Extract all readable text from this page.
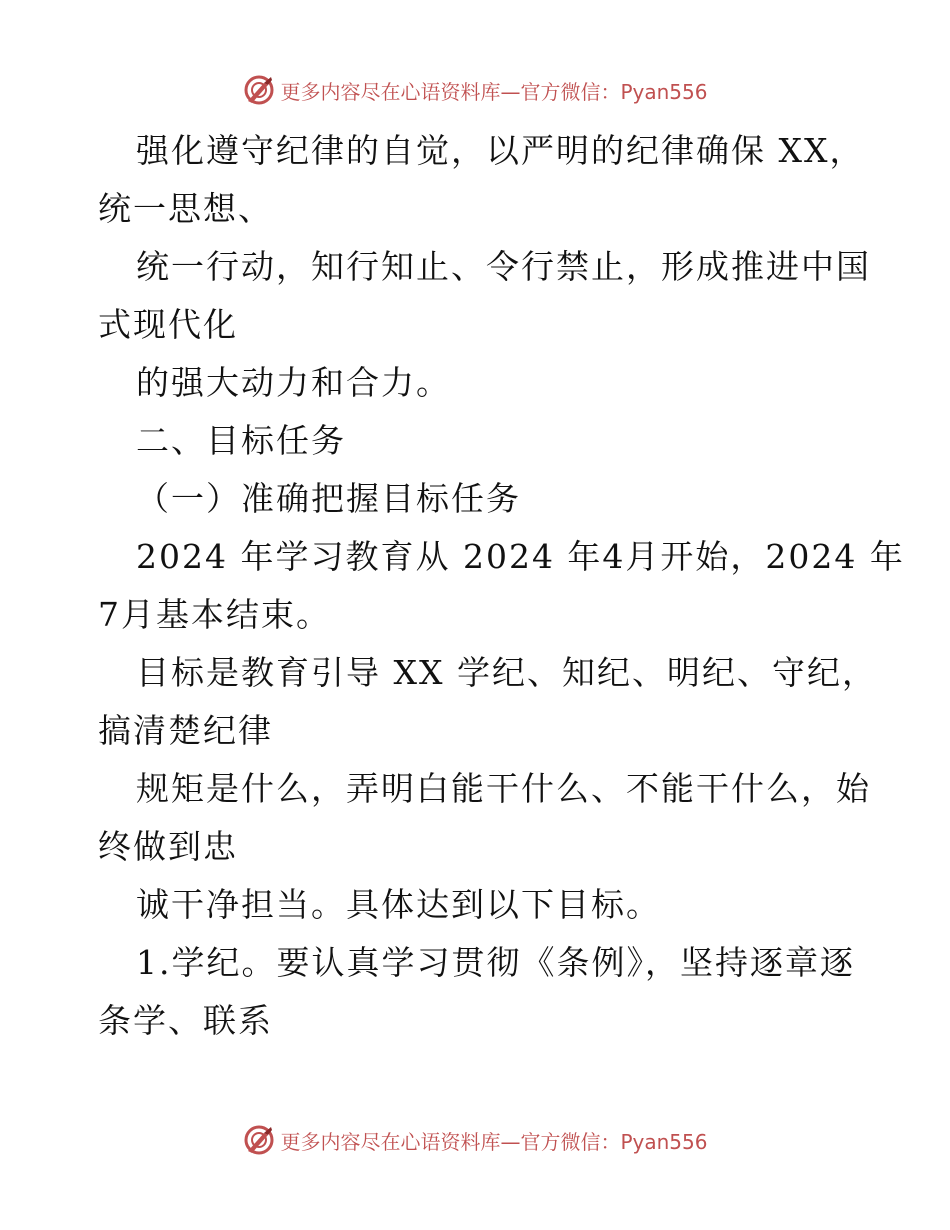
更多内容尽在心语资料库—官方微信：Pyan556
强化遵守纪律的自觉，以严明的纪律确保 XX，
统一思想、
统一行动，知行知止、令行禁止，形成推进中国
式现代化
的强大动力和合力。
二、目标任务
（一）准确把握目标任务
2024 年学习教育从 2024 年4月开始，2024 年
7月基本结束。
目标是教育引导 XX 学纪、知纪、明纪、守纪，
搞清楚纪律
规矩是什么，弄明白能干什么、不能干什么，始
终做到忠
诚干净担当。具体达到以下目标。
1.学纪。要认真学习贯彻《条例》，坚持逐章逐
条学、联系
更多内容尽在心语资料库—官方微信：Pyan556
